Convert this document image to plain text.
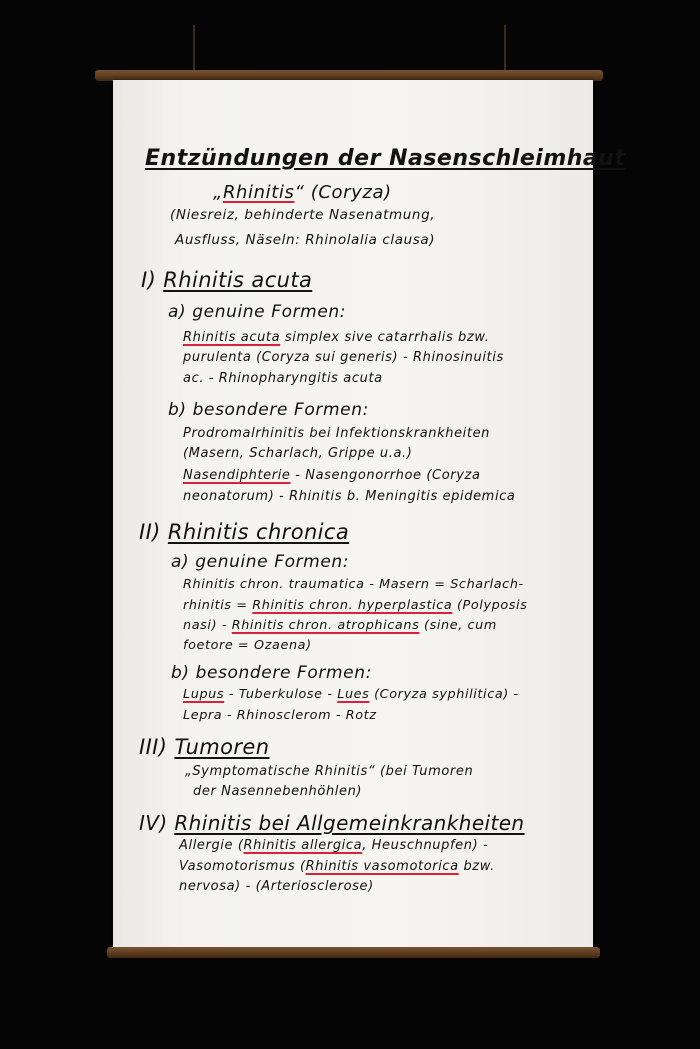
Entzündungen der Nasenschleimhaut
„Rhinitis“ (Coryza)
(Niesreiz, behinderte Nasenatmung,
Ausfluss, Näseln: Rhinolalia clausa)
I) Rhinitis acuta
a) genuine Formen:
Rhinitis acuta simplex sive catarrhalis bzw.
purulenta (Coryza sui generis) - Rhinosinuitis
ac. - Rhinopharyngitis acuta
b) besondere Formen:
Prodromalrhinitis bei Infektionskrankheiten
(Masern, Scharlach, Grippe u.a.)
Nasendiphterie - Nasengonorrhoe (Coryza
neonatorum) - Rhinitis b. Meningitis epidemica
II) Rhinitis chronica
a) genuine Formen:
Rhinitis chron. traumatica - Masern = Scharlach-
rhinitis = Rhinitis chron. hyperplastica (Polyposis
nasi) - Rhinitis chron. atrophicans (sine, cum
foetore = Ozaena)
b) besondere Formen:
Lupus - Tuberkulose - Lues (Coryza syphilitica) -
Lepra - Rhinosclerom - Rotz
III) Tumoren
„Symptomatische Rhinitis“ (bei Tumoren
der Nasennebenhöhlen)
IV) Rhinitis bei Allgemeinkrankheiten
Allergie (Rhinitis allergica, Heuschnupfen) -
Vasomotorismus (Rhinitis vasomotorica bzw.
nervosa) - (Arteriosclerose)
